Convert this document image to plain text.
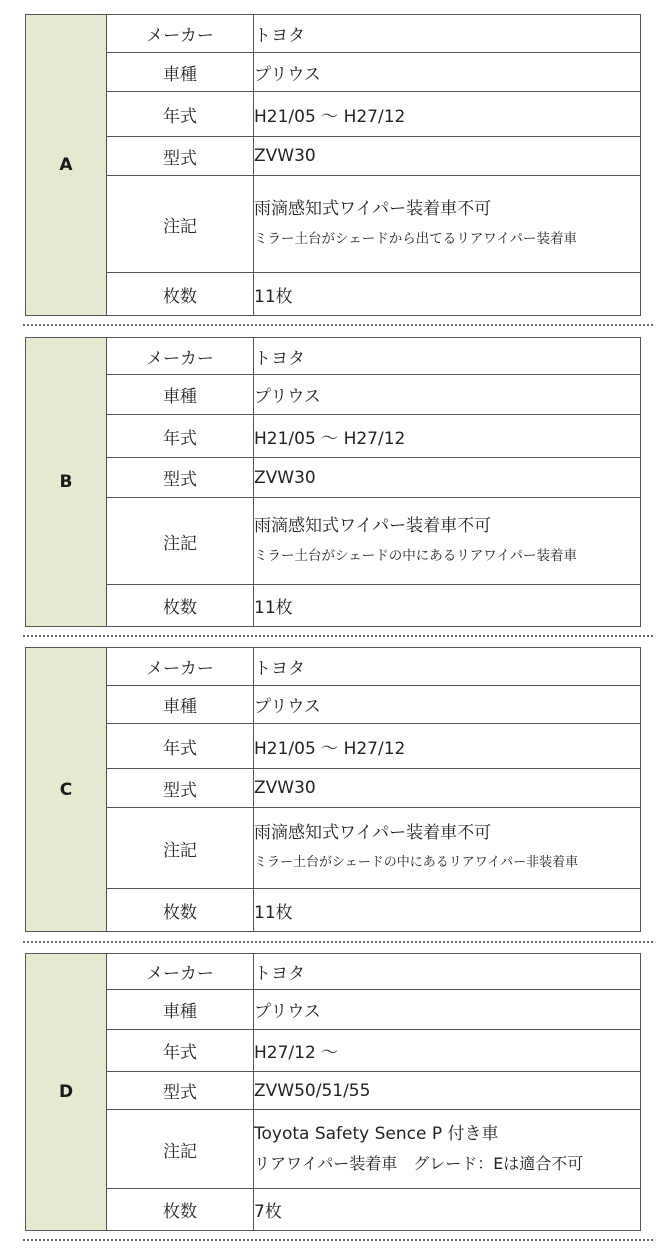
A	メーカー	トヨタ
	車種	プリウス
	年式	H21/05 ～ H27/12
	型式	ZVW30
	注記	雨滴感知式ワイパー装着車不可
ミラー土台がシェードから出てるリアワイパー装着車

	枚数	11枚
B	メーカー	トヨタ
	車種	プリウス
	年式	H21/05 ～ H27/12
	型式	ZVW30
	注記	雨滴感知式ワイパー装着車不可
ミラー土台がシェードの中にあるリアワイパー装着車

	枚数	11枚
C	メーカー	トヨタ
	車種	プリウス
	年式	H21/05 ～ H27/12
	型式	ZVW30
	注記	雨滴感知式ワイパー装着車不可
ミラー土台がシェードの中にあるリアワイパー非装着車

	枚数	11枚
D	メーカー	トヨタ
	車種	プリウス
	年式	H27/12 ～
	型式	ZVW50/51/55
	注記	Toyota Safety Sence P 付き車
リアワイパー装着車　グレード：Eは適合不可

	枚数	7枚
